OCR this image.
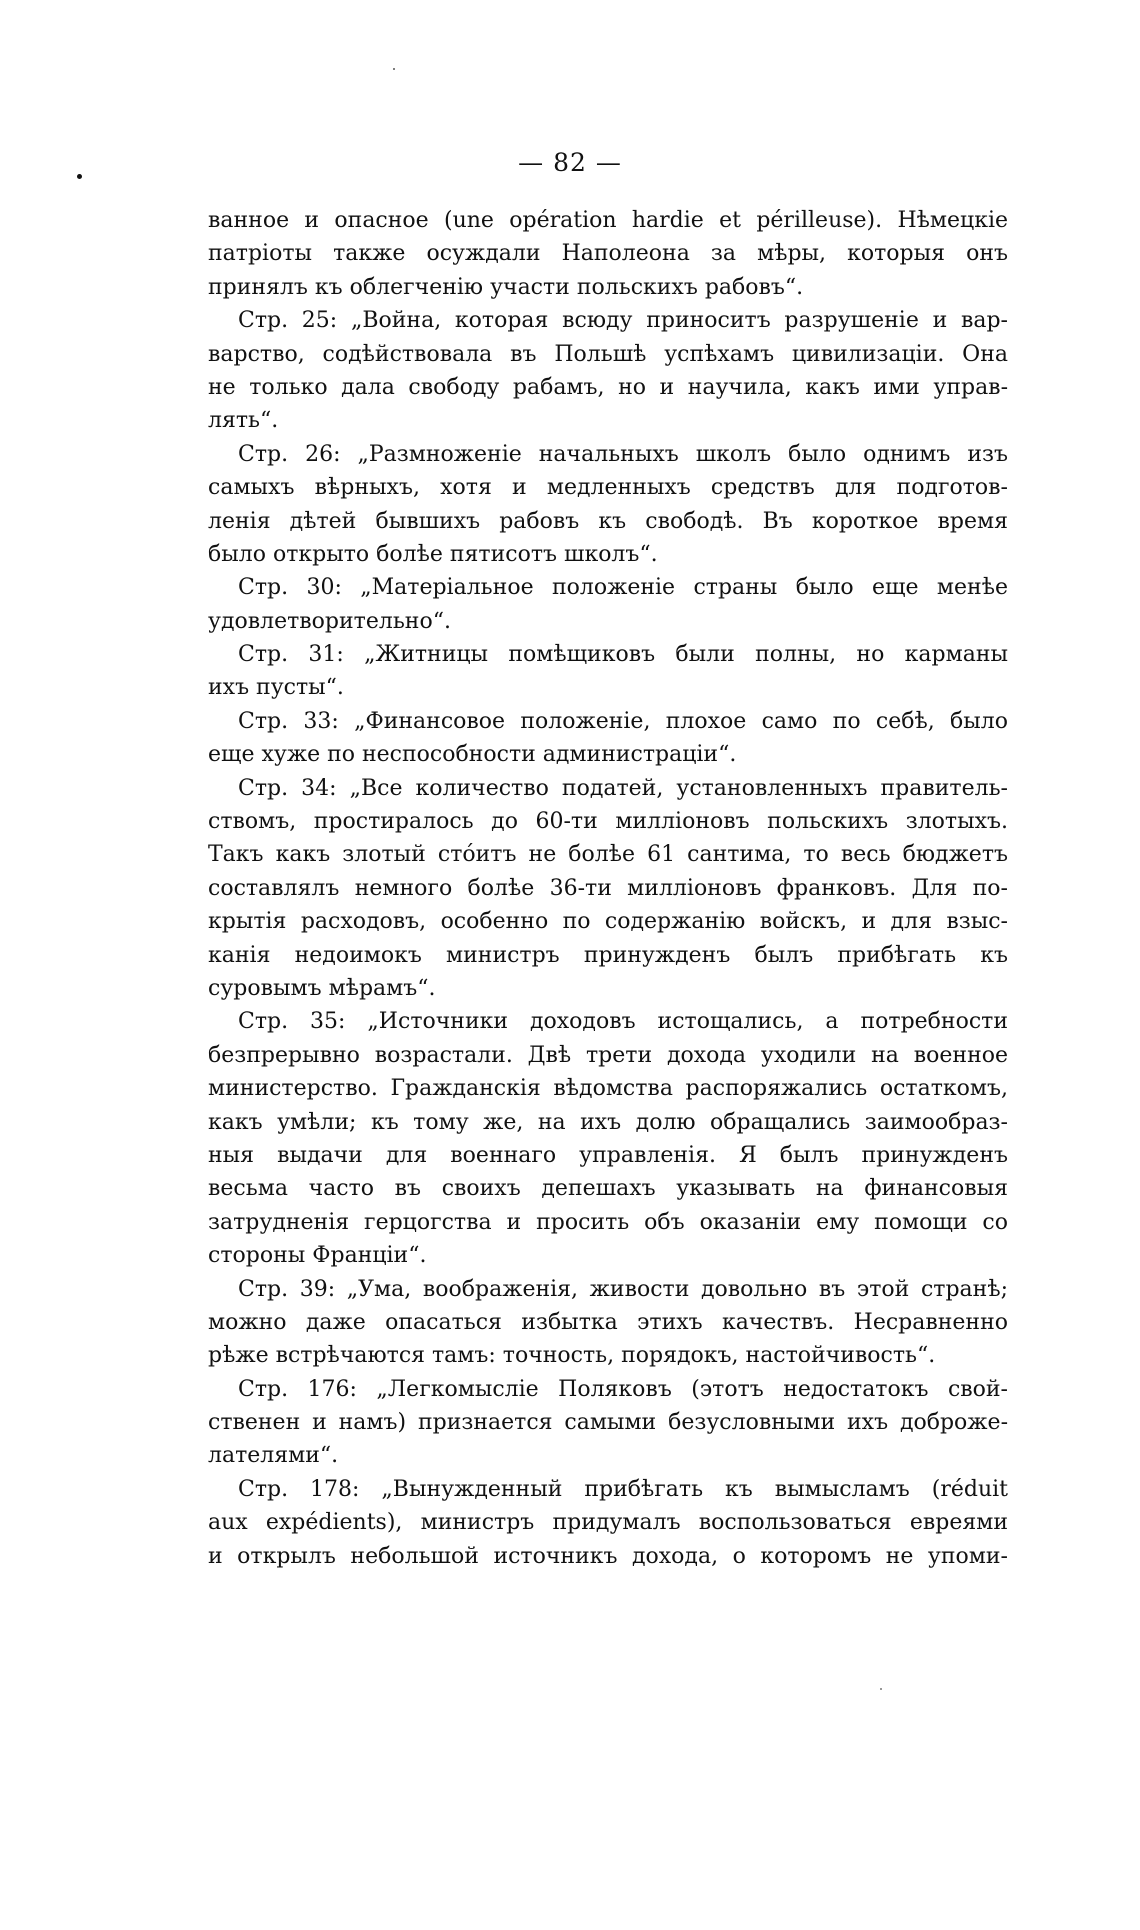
— 82 —

ванное и опасное (une opération hardie et périlleuse). Нѣмецкіе
патріоты также осуждали Наполеона за мѣры, которыя онъ
принялъ къ облегченію участи польскихъ рабовъ“.

Стр. 25: „Война, которая всюду приноситъ разрушеніе и вар-
варство, содѣйствовала въ Польшѣ успѣхамъ цивилизаціи. Она
не только дала свободу рабамъ, но и научила, какъ ими управ-
лять“.

Стр. 26: „Размноженіе начальныхъ школъ было однимъ изъ
самыхъ вѣрныхъ, хотя и медленныхъ средствъ для подготов-
ленія дѣтей бывшихъ рабовъ къ свободѣ. Въ короткое время
было открыто болѣе пятисотъ школъ“.

Стр. 30: „Матеріальное положеніе страны было еще менѣе
удовлетворительно“.

Стр. 31: „Житницы помѣщиковъ были полны, но карманы
ихъ пусты“.

Стр. 33: „Финансовое положеніе, плохое само по себѣ, было
еще хуже по неспособности администраціи“.

Стр. 34: „Все количество податей, установленныхъ правитель-
ствомъ, простиралось до 60-ти милліоновъ польскихъ злотыхъ.
Такъ какъ злотый стóитъ не болѣе 61 сантима, то весь бюджетъ
составлялъ немного болѣе 36-ти милліоновъ франковъ. Для по-
крытія расходовъ, особенно по содержанію войскъ, и для взыс-
канія недоимокъ министръ принужденъ былъ прибѣгать къ
суровымъ мѣрамъ“.

Стр. 35: „Источники доходовъ истощались, а потребности
безпрерывно возрастали. Двѣ трети дохода уходили на военное
министерство. Гражданскія вѣдомства распоряжались остаткомъ,
какъ умѣли; къ тому же, на ихъ долю обращались заимообраз-
ныя выдачи для военнаго управленія. Я былъ принужденъ
весьма часто въ своихъ депешахъ указывать на финансовыя
затрудненія герцогства и просить объ оказаніи ему помощи со
стороны Франціи“.

Стр. 39: „Ума, воображенія, живости довольно въ этой странѣ;
можно даже опасаться избытка этихъ качествъ. Несравненно
рѣже встрѣчаются тамъ: точность, порядокъ, настойчивость“.

Стр. 176: „Легкомысліе Поляковъ (этотъ недостатокъ свой-
ственен и намъ) признается самыми безусловными ихъ доброже-
лателями“.

Стр. 178: „Вынужденный прибѣгать къ вымысламъ (réduit
aux expédients), министръ придумалъ воспользоваться евреями
и открылъ небольшой источникъ дохода, о которомъ не упоми-
